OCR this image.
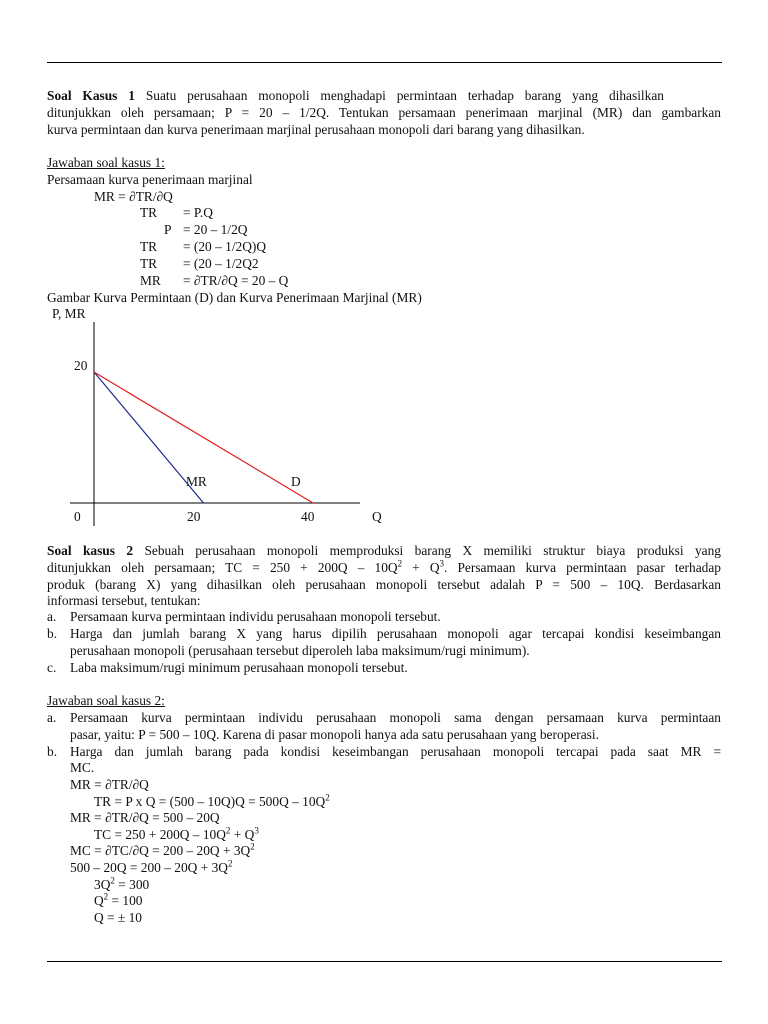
Soal Kasus 1 Suatu perusahaan monopoli menghadapi permintaan terhadap barang yang dihasilkan
ditunjukkan oleh persamaan; P = 20 – 1/2Q. Tentukan persamaan penerimaan marjinal (MR) dan gambarkan
kurva permintaan dan kurva penerimaan marjinal perusahaan monopoli dari barang yang dihasilkan.
Jawaban soal kasus 1:
Persamaan kurva penerimaan marjinal
MR = ∂TR/∂Q
TR = P.Q
P = 20 – 1/2Q
TR = (20 – 1/2Q)Q
TR = (20 – 1/2Q2
MR = ∂TR/∂Q = 20 – Q
Gambar Kurva Permintaan (D) dan Kurva Penerimaan Marjinal (MR)
P, MR
20
0	20	40	Q
MR	D
Soal kasus 2 Sebuah perusahaan monopoli memproduksi barang X memiliki struktur biaya produksi yang
ditunjukkan oleh persamaan; TC = $250 + 200Q - 10Q^2 + Q^3$. Persamaan kurva permintaan pasar terhadap
produk (barang X) yang dihasilkan oleh perusahaan monopoli tersebut adalah P = 500 – 10Q. Berdasarkan
informasi tersebut, tentukan:
a. Persamaan kurva permintaan individu perusahaan monopoli tersebut.
b. Harga dan jumlah barang X yang harus dipilih perusahaan monopoli agar tercapai kondisi keseimbangan
perusahaan monopoli (perusahaan tersebut diperoleh laba maksimum/rugi minimum).
c. Laba maksimum/rugi minimum perusahaan monopoli tersebut.
Jawaban soal kasus 2:
a. Persamaan kurva permintaan individu perusahaan monopoli sama dengan persamaan kurva permintaan
pasar, yaitu: P = 500 – 10Q. Karena di pasar monopoli hanya ada satu perusahaan yang beroperasi.
b. Harga dan jumlah barang pada kondisi keseimbangan perusahaan monopoli tercapai pada saat MR =
MC.
MR = ∂TR/∂Q
TR = P x $Q = (500 - 10Q)Q = 500Q - 10Q^2$
MR = ∂TR/∂Q = 500 – 20Q
TC = $250 + 200Q - 10Q^2 + Q^3$
MC = $\partial TC/\partial Q = 200 - 20Q + 3Q^2$
$500 - 20Q = 200 - 20Q + 3Q^2$
$3Q^2 = 300$
$Q^2 = 100$
Q = ± 10
